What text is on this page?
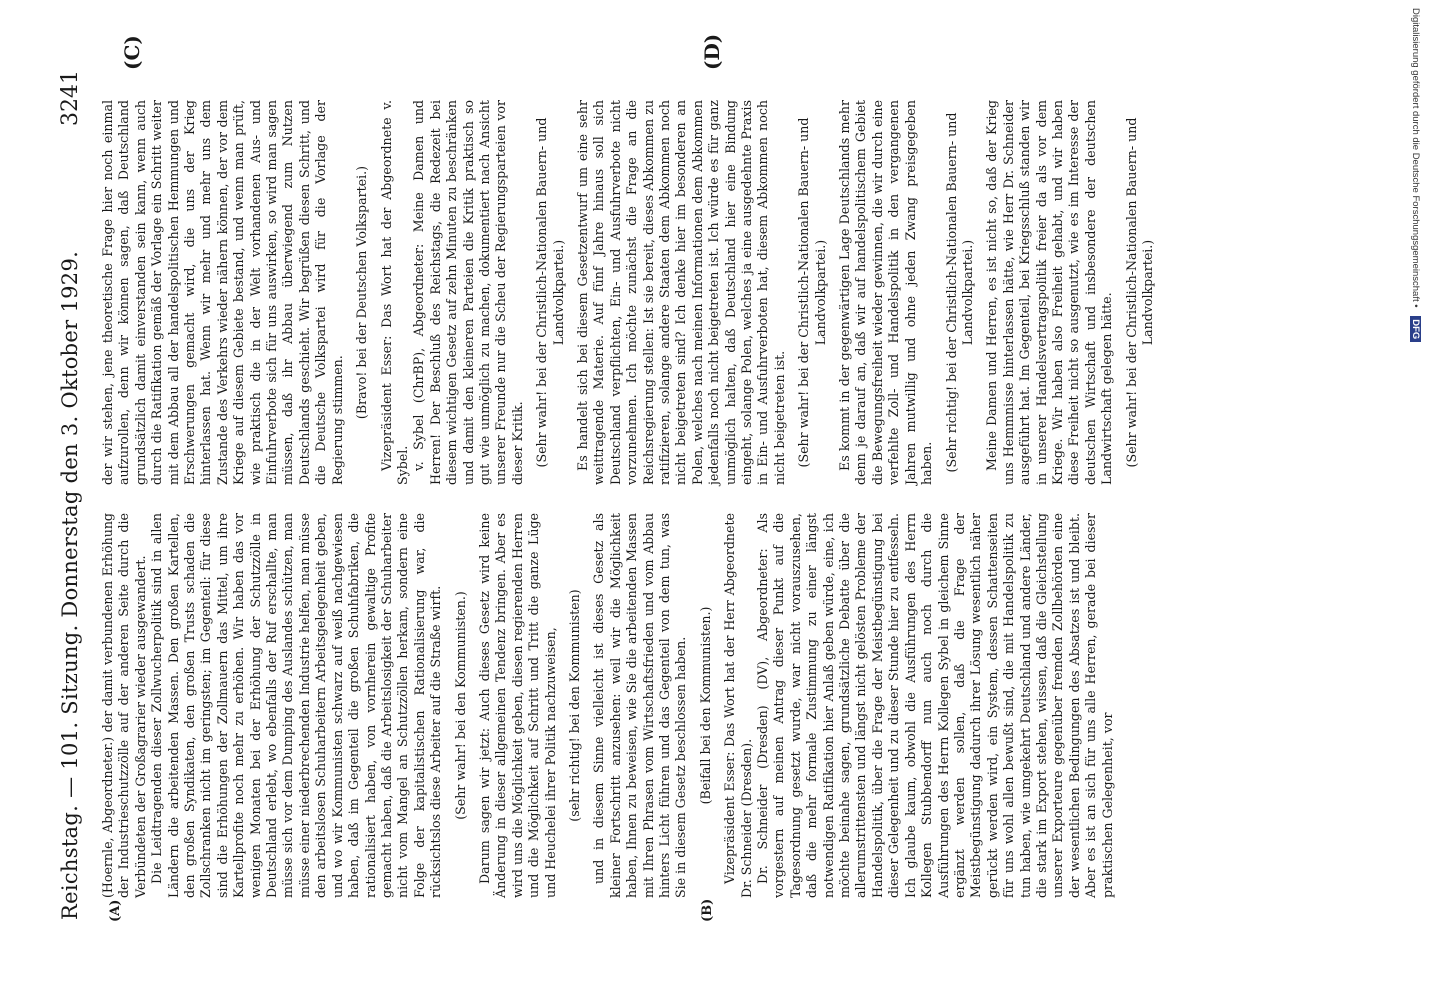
Reichstag. — 101. Sitzung. Donnerstag den 3. Oktober 1929.
3241
(A)	(B)
(C)	(D)

(Hoernle, Abgeordneter.) der damit verbundenen Erhöhung der Industrieschutzzölle auf der anderen Seite durch die Verbündeten der Großagrarier wieder ausgewandert. Die Leidtragenden dieser Zollwucherpolitik sind in allen Ländern die arbeitenden Massen. Den großen Kartellen, den großen Syndikaten, den großen Trusts schaden die Zollschranken nicht im geringsten; im Gegenteil: für diese sind die Erhöhungen der Zollmauern das Mittel, um ihre Kartellprofite noch mehr zu erhöhen. Wir haben das vor wenigen Monaten bei der Erhöhung der Schutzzölle in Deutschland erlebt, wo ebenfalls der Ruf erschallte, man müsse sich vor dem Dumping des Auslandes schützen, man müsse einer niederbrechenden Industrie helfen, man müsse den arbeitslosen Schuharbeitern Arbeitsgelegenheit geben, und wo wir Kommunisten schwarz auf weiß nachgewiesen haben, daß im Gegenteil die großen Schuhfabriken, die rationalisiert haben, von vornherein gewaltige Profite gemacht haben, daß die Arbeitslosigkeit der Schuharbeiter nicht vom Mangel an Schutzzöllen herkam, sondern eine Folge der kapitalistischen Rationalisierung war, die rücksichtslos diese Arbeiter auf die Straße wirft. (Sehr wahr! bei den Kommunisten.) Darum sagen wir jetzt: Auch dieses Gesetz wird keine Änderung in dieser allgemeinen Tendenz bringen. Aber es wird uns die Möglichkeit geben, diesen regierenden Herren und die Möglichkeit auf Schritt und Tritt die ganze Lüge und Heuchelei ihrer Politik nachzuweisen, (sehr richtig! bei den Kommunisten) und in diesem Sinne vielleicht ist dieses Gesetz als kleiner Fortschritt anzusehen: weil wir die Möglichkeit haben, Ihnen zu beweisen, wie Sie die arbeitenden Massen mit Ihren Phrasen vom Wirtschaftsfrieden und vom Abbau hinters Licht führen und das Gegenteil von dem tun, was Sie in diesem Gesetz beschlossen haben. (Beifall bei den Kommunisten.) Vizepräsident Esser: Das Wort hat der Herr Abgeordnete Dr. Schneider (Dresden). Dr. Schneider (Dresden) (DV), Abgeordneter: Als vorgestern auf meinen Antrag dieser Punkt auf die Tagesordnung gesetzt wurde, war nicht vorauszusehen, daß die mehr formale Zustimmung zu einer längst notwendigen Ratifikation hier Anlaß geben würde, eine, ich möchte beinahe sagen, grundsätzliche Debatte über die allerumstrittensten und längst nicht gelösten Probleme der Handelspolitik, über die Frage der Meistbegünstigung bei dieser Gelegenheit und zu dieser Stunde hier zu entfesseln. Ich glaube kaum, obwohl die Ausführungen des Herrn Kollegen Stubbendorff nun auch noch durch die Ausführungen des Herrn Kollegen Sybel in gleichem Sinne ergänzt werden sollen, daß die Frage der Meistbegünstigung dadurch ihrer Lösung wesentlich näher gerückt werden wird, ein System, dessen Schattenseiten für uns wohl allen bewußt sind, die mit Handelspolitik zu tun haben, wie umgekehrt Deutschland und andere Länder, die stark im Export stehen, wissen, daß die Gleichstellung unserer Exporteure gegenüber fremden Zollbehörden eine der wesentlichen Bedingungen des Absatzes ist und bleibt. Aber es ist an sich für uns alle Herren, gerade bei dieser praktischen Gelegenheit, vor

der wir stehen, jene theoretische Frage hier noch einmal aufzurollen, denn wir können sagen, daß Deutschland grundsätzlich damit einverstanden sein kann, wenn auch durch die Ratifikation gemäß der Vorlage ein Schritt weiter mit dem Abbau all der handelspolitischen Hemmungen und Erschwerungen gemacht wird, die uns der Krieg hinterlassen hat. Wenn wir mehr und mehr uns dem Zustande des Verkehrs wieder nähern können, der vor dem Kriege auf diesem Gebiete bestand, und wenn man prüft, wie praktisch die in der Welt vorhandenen Aus- und Einfuhrverbote sich für uns auswirken, so wird man sagen müssen, daß ihr Abbau überwiegend zum Nutzen Deutschlands geschieht. Wir begrüßen diesen Schritt, und die Deutsche Volkspartei wird für die Vorlage der Regierung stimmen.

(Bravo! bei der Deutschen Volkspartei.) Vizepräsident Esser: Das Wort hat der Abgeordnete v. Sybel. v. Sybel (ChrBP), Abgeordneter: Meine Damen und Herren! Der Beschluß des Reichstags, die Redezeit bei diesem wichtigen Gesetz auf zehn Minuten zu beschränken und damit den kleineren Parteien die Kritik praktisch so gut wie unmöglich zu machen, dokumentiert nach Ansicht unserer Freunde nur die Scheu der Regierungsparteien vor dieser Kritik. (Sehr wahr! bei der Christlich-Nationalen Bauern- und Landvolkpartei.) Es handelt sich bei diesem Gesetzentwurf um eine sehr weittragende Materie. Auf fünf Jahre hinaus soll sich Deutschland verpflichten, Ein- und Ausfuhrverbote nicht vorzunehmen. Ich möchte zunächst die Frage an die Reichsregierung stellen: Ist sie bereit, dieses Abkommen zu ratifizieren, solange andere Staaten dem Abkommen noch nicht beigetreten sind? Ich denke hier im besonderen an Polen, welches nach meinen Informationen dem Abkommen jedenfalls noch nicht beigetreten ist. Ich würde es für ganz unmöglich halten, daß Deutschland hier eine Bindung eingeht, solange Polen, welches ja eine ausgedehnte Praxis in Ein- und Ausfuhrverboten hat, diesem Abkommen noch nicht beigetreten ist. (Sehr wahr! bei der Christlich-Nationalen Bauern- und Landvolkpartei.) Es kommt in der gegenwärtigen Lage Deutschlands mehr denn je darauf an, daß wir auf handelspolitischem Gebiet die Bewegungsfreiheit wieder gewinnen, die wir durch eine verfehlte Zoll- und Handelspolitik in den vergangenen Jahren mutwillig und ohne jeden Zwang preisgegeben haben. (Sehr richtig! bei der Christlich-Nationalen Bauern- und Landvolkpartei.) Meine Damen und Herren, es ist nicht so, daß der Krieg uns Hemmnisse hinterlassen hätte, wie Herr Dr. Schneider ausgeführt hat. Im Gegenteil, bei Kriegsschluß standen wir in unserer Handelsvertragspolitik freier da als vor dem Kriege. Wir haben also Freiheit gehabt, und wir haben diese Freiheit nicht so ausgenutzt, wie es im Interesse der deutschen Wirtschaft und insbesondere der deutschen Landwirtschaft gelegen hätte. (Sehr wahr! bei der Christlich-Nationalen Bauern- und Landvolkpartei.)	Digitalisierung gefördert durch die Deutsche Forschungsgemeinschaft • DFG
